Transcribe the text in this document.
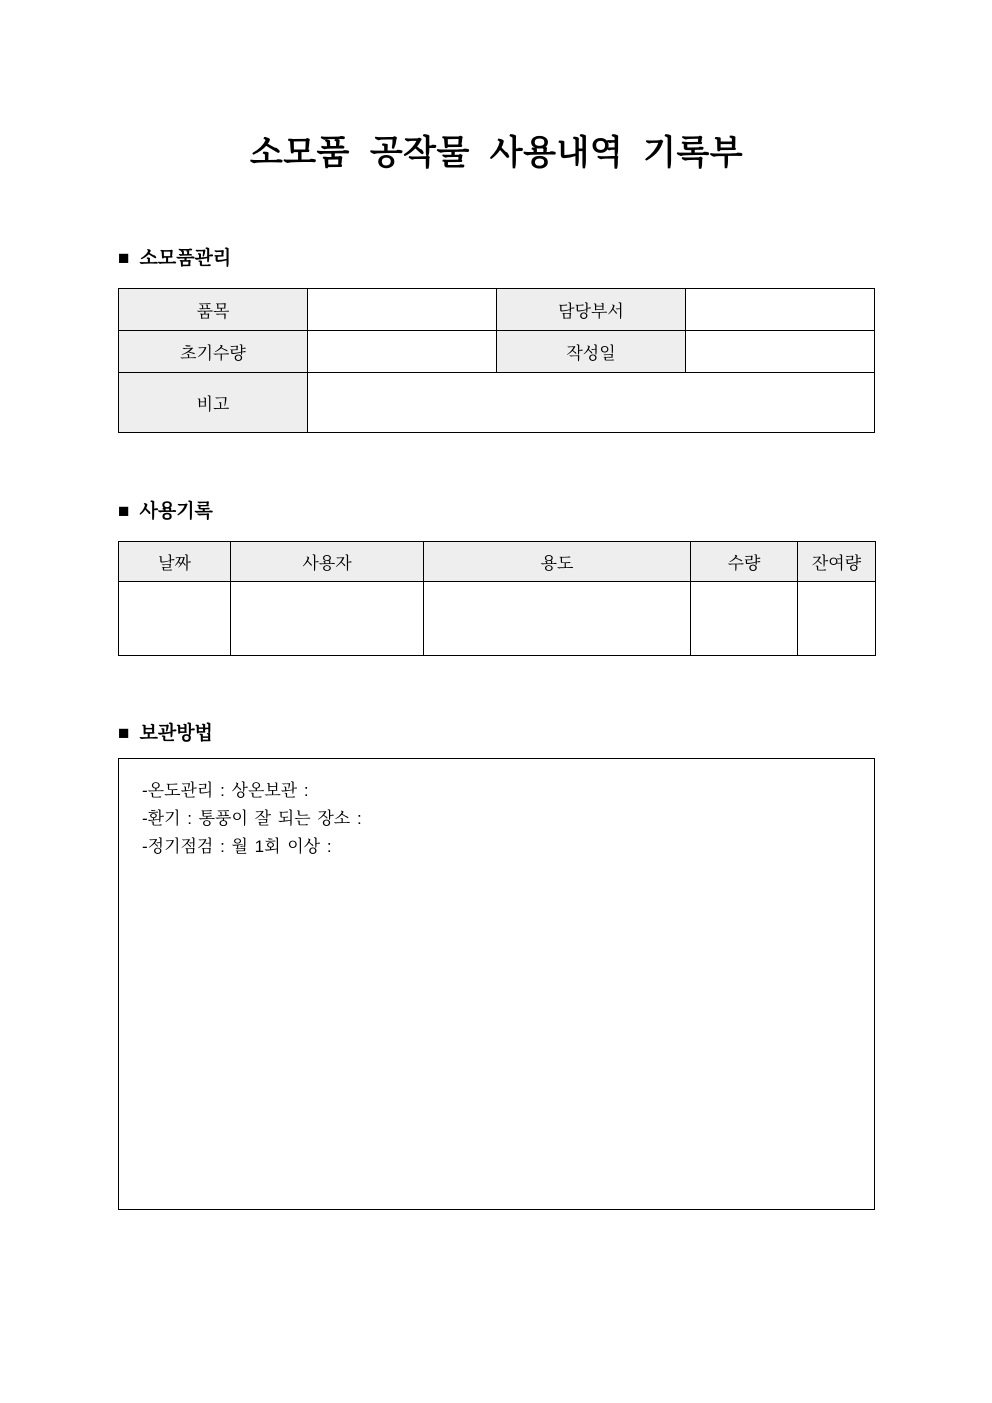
소모품 공작물 사용내역 기록부
■ 소모품관리
품목		담당부서	
초기수량		작성일	
비고			
■ 사용기록
날짜	사용자	용도	수량	잔여량

■ 보관방법
-온도관리 : 상온보관 :
-환기 : 통풍이 잘 되는 장소 :
-정기점검 : 월 1회 이상 :
